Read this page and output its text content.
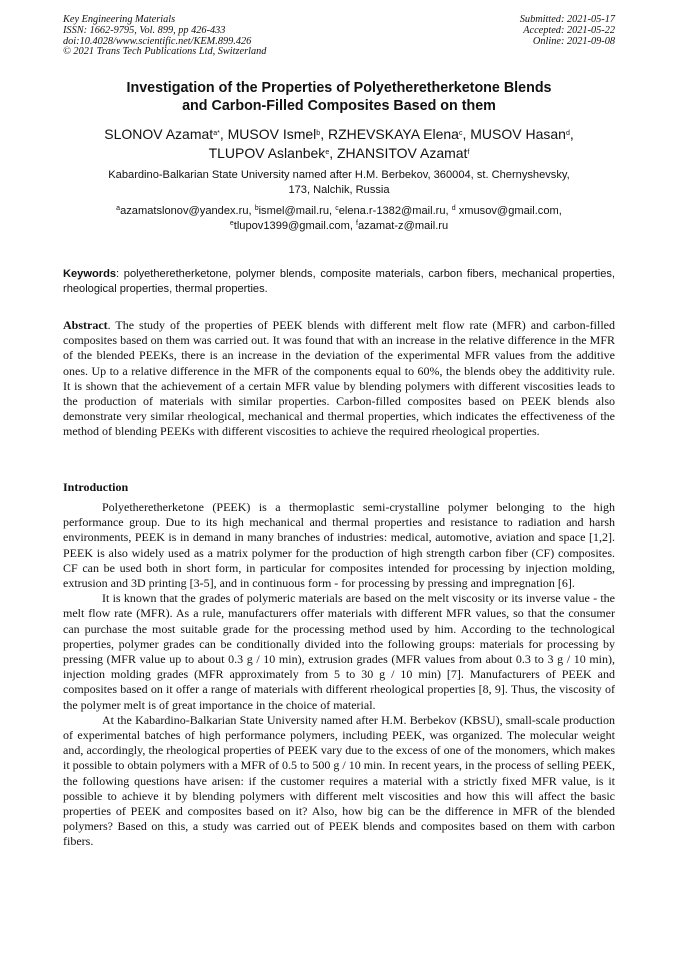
Key Engineering Materials
ISSN: 1662-9795, Vol. 899, pp 426-433
doi:10.4028/www.scientific.net/KEM.899.426
© 2021 Trans Tech Publications Ltd, Switzerland
Submitted: 2021-05-17
Accepted: 2021-05-22
Online: 2021-09-08
Investigation of the Properties of Polyetheretherketone Blends
and Carbon-Filled Composites Based on them
SLONOV Azamat$^{a*}$, MUSOV Ismel$^b$, RZHEVSKAYA Elena$^c$, MUSOV Hasan$^d$,
TLUPOV Aslanbek$^e$, ZHANSITOV Azamat$^f$
Kabardino-Balkarian State University named after H.M. Berbekov, 360004, st. Chernyshevsky,
173, Nalchik, Russia
$^a$azamatslonov@yandex.ru, $^b$ismel@mail.ru, $^c$elena.r-1382@mail.ru, $^d$ xmusov@gmail.com,
$^e$tlupov1399@gmail.com, $^f$azamat-z@mail.ru
Keywords: polyetheretherketone, polymer blends, composite materials, carbon fibers, mechanical properties, rheological properties, thermal properties.
Abstract. The study of the properties of PEEK blends with different melt flow rate (MFR) and carbon-filled composites based on them was carried out. It was found that with an increase in the relative difference in the MFR of the blended PEEKs, there is an increase in the deviation of the experimental MFR values from the additive ones. Up to a relative difference in the MFR of the components equal to 60%, the blends obey the additivity rule. It is shown that the achievement of a certain MFR value by blending polymers with different viscosities leads to the production of materials with similar properties. Carbon-filled composites based on PEEK blends also demonstrate very similar rheological, mechanical and thermal properties, which indicates the effectiveness of the method of blending PEEKs with different viscosities to achieve the required rheological properties.
Introduction

Polyetheretherketone (PEEK) is a thermoplastic semi-crystalline polymer belonging to the high performance group. Due to its high mechanical and thermal properties and resistance to radiation and harsh environments, PEEK is in demand in many branches of industries: medical, automotive, aviation and space [1,2]. PEEK is also widely used as a matrix polymer for the production of high strength carbon fiber (CF) composites. CF can be used both in short form, in particular for composites intended for processing by injection molding, extrusion and 3D printing [3-5], and in continuous form - for processing by pressing and impregnation [6].

It is known that the grades of polymeric materials are based on the melt viscosity or its inverse value - the melt flow rate (MFR). As a rule, manufacturers offer materials with different MFR values, so that the consumer can purchase the most suitable grade for the processing method used by him. According to the technological properties, polymer grades can be conditionally divided into the following groups: materials for processing by pressing (MFR value up to about 0.3 g / 10 min), extrusion grades (MFR values from about 0.3 to 3 g / 10 min), injection molding grades (MFR approximately from 5 to 30 g / 10 min) [7]. Manufacturers of PEEK and composites based on it offer a range of materials with different rheological properties [8, 9]. Thus, the viscosity of the polymer melt is of great importance in the choice of material.

At the Kabardino-Balkarian State University named after H.M. Berbekov (KBSU), small-scale production of experimental batches of high performance polymers, including PEEK, was organized. The molecular weight and, accordingly, the rheological properties of PEEK vary due to the excess of one of the monomers, which makes it possible to obtain polymers with a MFR of 0.5 to 500 g / 10 min. In recent years, in the process of selling PEEK, the following questions have arisen: if the customer requires a material with a strictly fixed MFR value, is it possible to achieve it by blending polymers with different melt viscosities and how this will affect the basic properties of PEEK and composites based on it? Also, how big can be the difference in MFR of the blended polymers? Based on this, a study was carried out of PEEK blends and composites based on them with carbon fibers.
